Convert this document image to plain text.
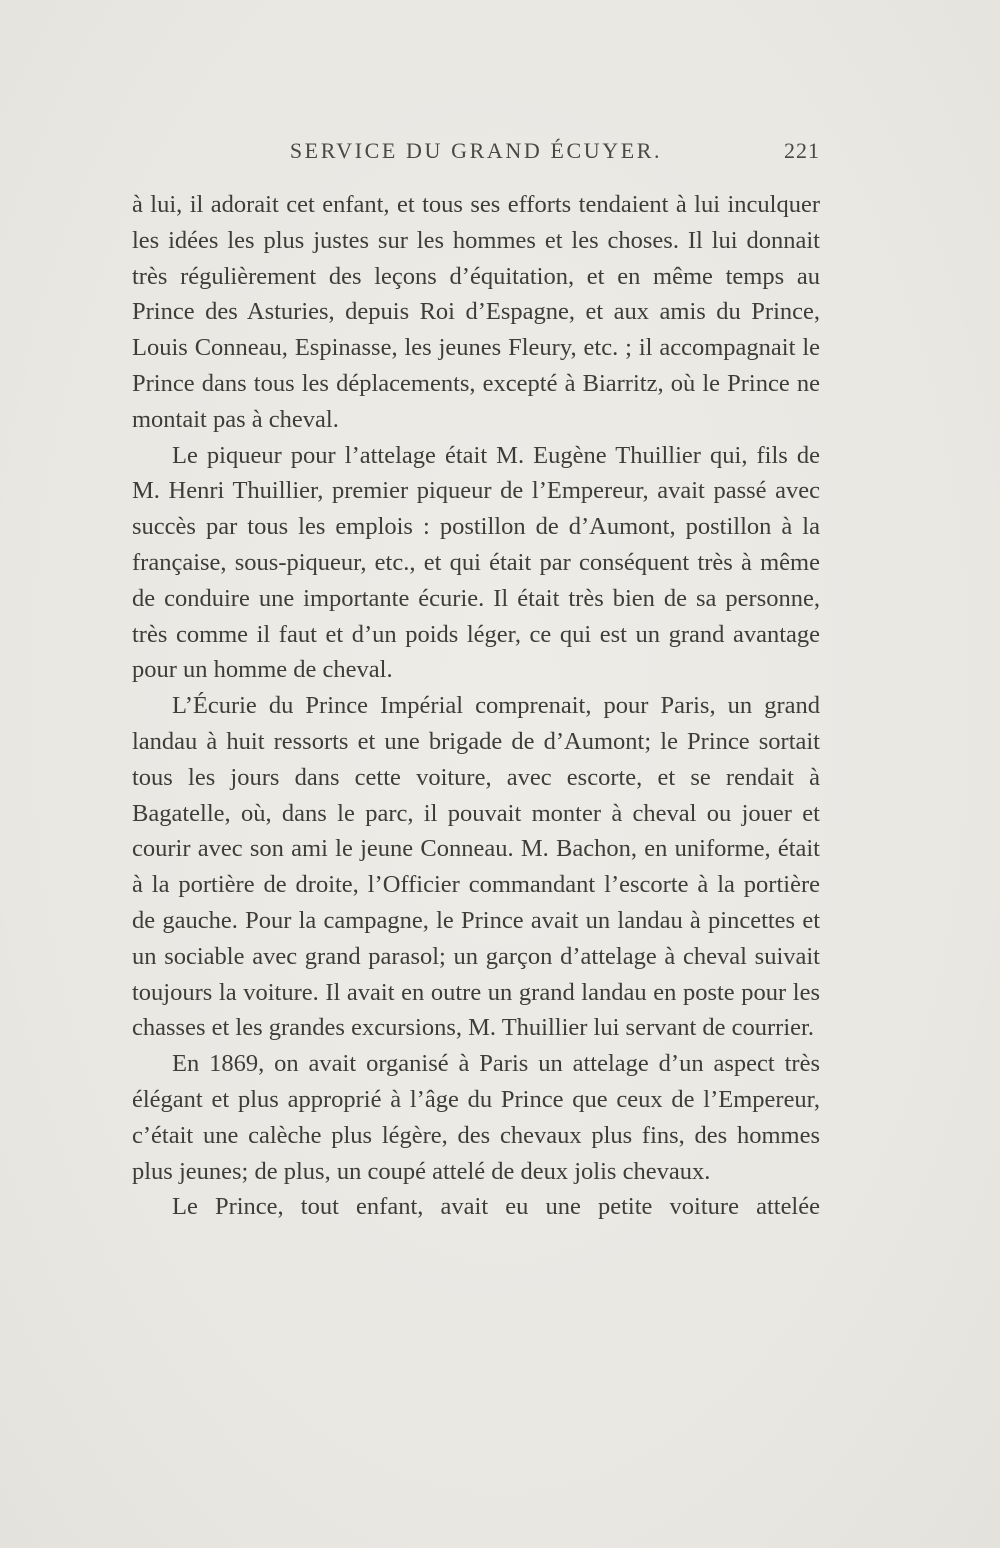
SERVICE DU GRAND ÉCUYER.	221

à lui, il adorait cet enfant, et tous ses efforts tendaient à lui inculquer les idées les plus justes sur les hommes et les choses. Il lui donnait très régulièrement des leçons d’équitation, et en même temps au Prince des Asturies, depuis Roi d’Espagne, et aux amis du Prince, Louis Conneau, Espinasse, les jeunes Fleury, etc. ; il accompagnait le Prince dans tous les déplacements, excepté à Biarritz, où le Prince ne montait pas à cheval.

Le piqueur pour l’attelage était M. Eugène Thuillier qui, fils de M. Henri Thuillier, premier piqueur de l’Empereur, avait passé avec succès par tous les emplois : postillon de d’Aumont, postillon à la française, sous-piqueur, etc., et qui était par conséquent très à même de conduire une importante écurie. Il était très bien de sa personne, très comme il faut et d’un poids léger, ce qui est un grand avantage pour un homme de cheval.

L’Écurie du Prince Impérial comprenait, pour Paris, un grand landau à huit ressorts et une brigade de d’Aumont; le Prince sortait tous les jours dans cette voiture, avec escorte, et se rendait à Bagatelle, où, dans le parc, il pouvait monter à cheval ou jouer et courir avec son ami le jeune Conneau. M. Bachon, en uniforme, était à la portière de droite, l’Officier commandant l’escorte à la portière de gauche. Pour la campagne, le Prince avait un landau à pincettes et un sociable avec grand parasol; un garçon d’attelage à cheval suivait toujours la voiture. Il avait en outre un grand landau en poste pour les chasses et les grandes excursions, M. Thuillier lui servant de courrier.

En 1869, on avait organisé à Paris un attelage d’un aspect très élégant et plus approprié à l’âge du Prince que ceux de l’Empereur, c’était une calèche plus légère, des chevaux plus fins, des hommes plus jeunes; de plus, un coupé attelé de deux jolis chevaux.

Le Prince, tout enfant, avait eu une petite voiture attelée
